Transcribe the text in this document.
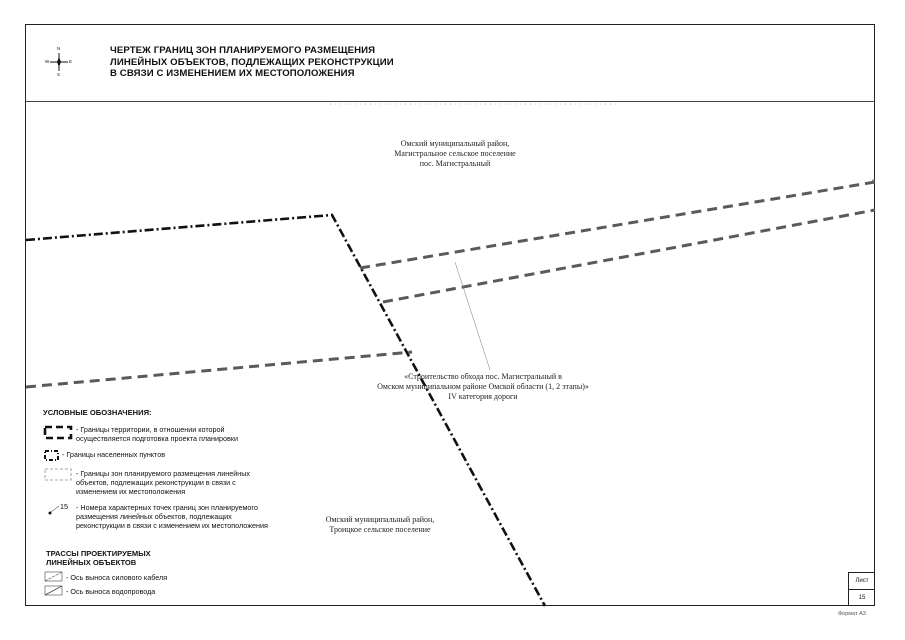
N
S
E
W
ЧЕРТЕЖ ГРАНИЦ ЗОН ПЛАНИРУЕМОГО РАЗМЕЩЕНИЯ
ЛИНЕЙНЫХ ОБЪЕКТОВ, ПОДЛЕЖАЩИХ РЕКОНСТРУКЦИИ
В СВЯЗИ С ИЗМЕНЕНИЕМ ИХ МЕСТОПОЛОЖЕНИЯ
Омский муниципальный район,
Магистральное сельское поселение
пос. Магистральный
«Строительство обхода пос. Магистральный в
Омском муниципальном районе Омской области (1, 2 этапы)»
IV категория дороги
Омский муниципальный район,
Троицкое сельское поселение
УСЛОВНЫЕ ОБОЗНАЧЕНИЯ:
- Границы территории, в отношении которой осуществляется подготовка проекта планировки
- Границы населенных пунктов
- Границы зон планируемого размещения линейных объектов, подлежащих реконструкции в связи с изменением их местоположения
15 - Номера характерных точек границ зон планируемого размещения линейных объектов, подлежащих реконструкции в связи с изменением их местоположения
ТРАССЫ ПРОЕКТИРУЕМЫХ
ЛИНЕЙНЫХ ОБЪЕКТОВ
- Ось выноса силового кабеля
- Ось выноса водопровода
Лист
15
Формат А3
